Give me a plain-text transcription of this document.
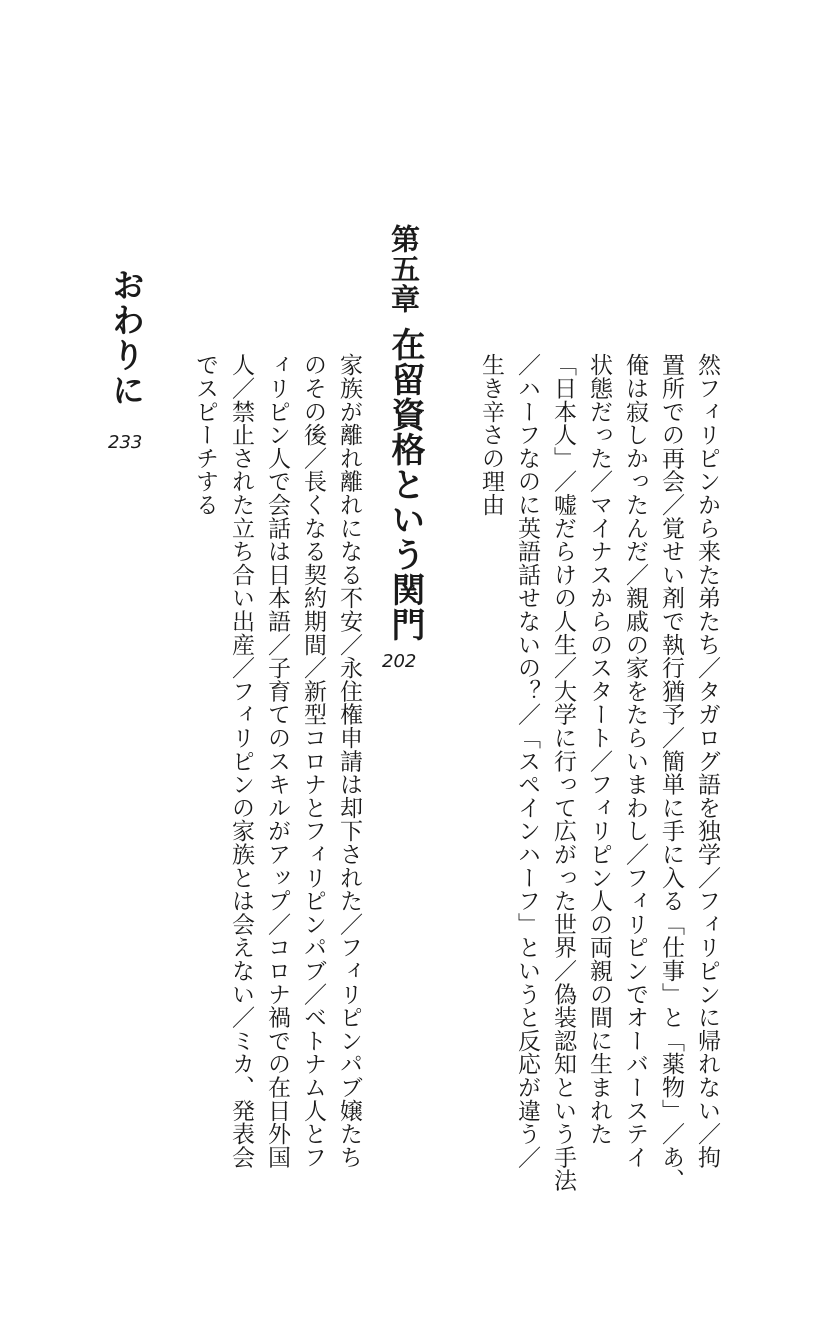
然フィリピンから来た弟たち／タガログ語を独学／フィリピンに帰れない／拘

置所での再会／覚せい剤で執行猶予／簡単に手に入る「仕事」と「薬物」／あ、

俺は寂しかったんだ／親戚の家をたらいまわし／フィリピンでオーバーステイ

状態だった／マイナスからのスタート／フィリピン人の両親の間に生まれた

「日本人」／嘘だらけの人生／大学に行って広がった世界／偽装認知という手法

／ハーフなのに英語話せないの？／「スペインハーフ」というと反応が違う／

生き辛さの理由

第五章
在留資格という関門
202

家族が離れ離れになる不安／永住権申請は却下された／フィリピンパブ嬢たち

のその後／長くなる契約期間／新型コロナとフィリピンパブ／ベトナム人とフ

ィリピン人で会話は日本語／子育てのスキルがアップ／コロナ禍での在日外国

人／禁止された立ち合い出産／フィリピンの家族とは会えない／ミカ、発表会

でスピーチする

おわりに
233
